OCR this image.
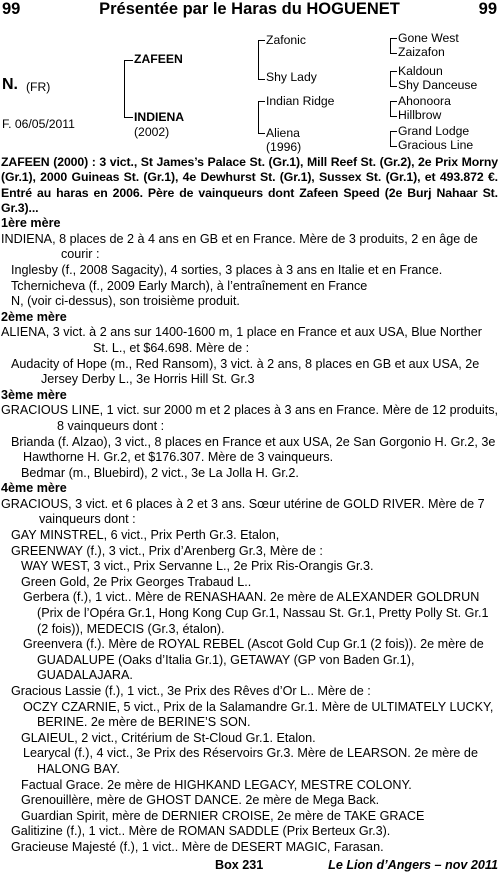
99	Présentée par le Haras du HOGUENET	99
N. (FR)
F. 06/05/2011
ZAFEEN
INDIENA
(2002)
Zafonic
Shy Lady
Indian Ridge
Aliena
(1996)
Gone West
Zaizafon
Kaldoun
Shy Danceuse
Ahonoora
Hillbrow
Grand Lodge
Gracious Line

ZAFEEN (2000) : 3 vict., St James’s Palace St. (Gr.1), Mill Reef St. (Gr.2), 2e Prix Morny (Gr.1), 2000 Guineas St. (Gr.1), 4e Dewhurst St. (Gr.1), Sussex St. (Gr.1), et 493.872 €. Entré au haras en 2006. Père de vainqueurs dont Zafeen Speed (2e Burj Nahaar St. Gr.3)...

1ère mère

INDIENA, 8 places de 2 à 4 ans en GB et en France. Mère de 3 produits, 2 en âge de courir :

Inglesby (f., 2008 Sagacity), 4 sorties, 3 places à 3 ans en Italie et en France.

Tchernicheva (f., 2009 Early March), à l’entraînement en France

N, (voir ci-dessus), son troisième produit.

2ème mère

ALIENA, 3 vict. à 2 ans sur 1400-1600 m, 1 place en France et aux USA, Blue Norther St. L., et $64.698. Mère de :

Audacity of Hope (m., Red Ransom), 3 vict. à 2 ans, 8 places en GB et aux USA, 2e Jersey Derby L., 3e Horris Hill St. Gr.3

3ème mère

GRACIOUS LINE, 1 vict. sur 2000 m et 2 places à 3 ans en France. Mère de 12 produits, 8 vainqueurs dont :

Brianda (f. Alzao), 3 vict., 8 places en France et aux USA, 2e San Gorgonio H. Gr.2, 3e Hawthorne H. Gr.2, et $176.307. Mère de 3 vainqueurs.

Bedmar (m., Bluebird), 2 vict., 3e La Jolla H. Gr.2.

4ème mère

GRACIOUS, 3 vict. et 6 places à 2 et 3 ans. Sœur utérine de GOLD RIVER. Mère de 7 vainqueurs dont :

GAY MINSTREL, 6 vict., Prix Perth Gr.3. Etalon,

GREENWAY (f.), 3 vict., Prix d’Arenberg Gr.3, Mère de :

WAY WEST, 3 vict., Prix Servanne L., 2e Prix Ris-Orangis Gr.3.

Green Gold, 2e Prix Georges Trabaud L..

Gerbera (f.), 1 vict.. Mère de RENASHAAN. 2e mère de ALEXANDER GOLDRUN (Prix de l’Opéra Gr.1, Hong Kong Cup Gr.1, Nassau St. Gr.1, Pretty Polly St. Gr.1 (2 fois)), MEDECIS (Gr.3, étalon).

Greenvera (f.). Mère de ROYAL REBEL (Ascot Gold Cup Gr.1 (2 fois)). 2e mère de GUADALUPE (Oaks d’Italia Gr.1), GETAWAY (GP von Baden Gr.1), GUADALAJARA.

Gracious Lassie (f.), 1 vict., 3e Prix des Rêves d’Or L.. Mère de :

OCZY CZARNIE, 5 vict., Prix de la Salamandre Gr.1. Mère de ULTIMATELY LUCKY, BERINE. 2e mère de BERINE’S SON.

GLAIEUL, 2 vict., Critérium de St-Cloud Gr.1. Etalon.

Learycal (f.), 4 vict., 3e Prix des Réservoirs Gr.3. Mère de LEARSON. 2e mère de HALONG BAY.

Factual Grace. 2e mère de HIGHKAND LEGACY, MESTRE COLONY.

Grenouillère, mère de GHOST DANCE. 2e mère de Mega Back.

Guardian Spirit, mère de DERNIER CROISE, 2e mère de TAKE GRACE

Galitizine (f.), 1 vict.. Mère de ROMAN SADDLE (Prix Berteux Gr.3).

Gracieuse Majesté (f.), 1 vict.. Mère de DESERT MAGIC, Farasan.

Box 231	Le Lion d’Angers – nov 2011
